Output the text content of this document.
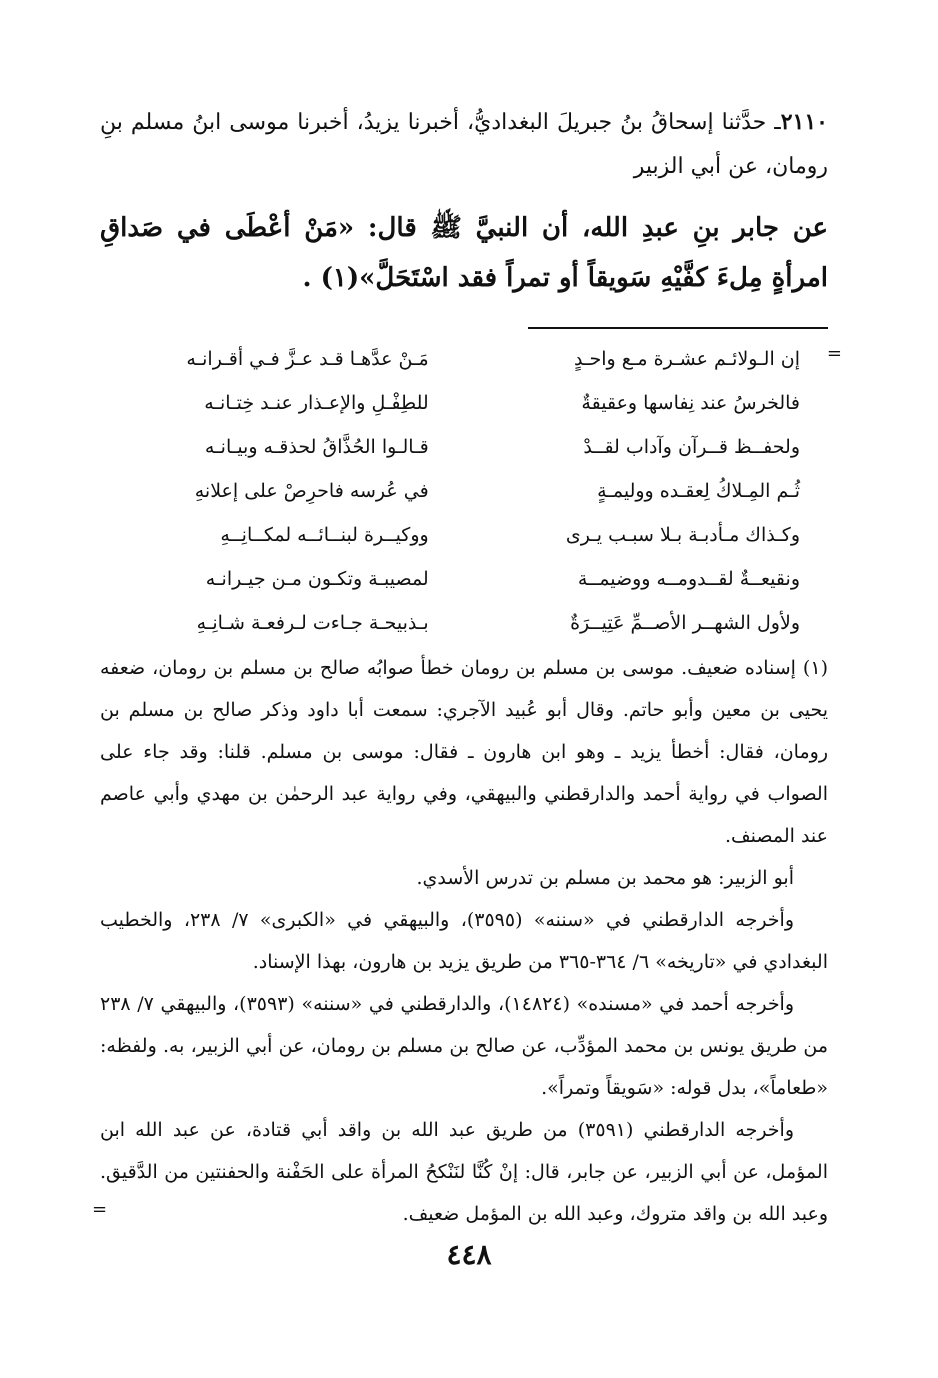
٢١١٠ـ حدَّثنا إسحاقُ بنُ جبريلَ البغداديُّ، أخبرنا يزيدُ، أخبرنا موسى ابنُ مسلم بنِ رومان، عن أبي الزبير

عن جابر بنِ عبدِ الله، أن النبيَّ ﷺ قال: «مَنْ أعْطَى في صَداقِ امرأةٍ مِلءَ كفَّيْهِ سَويقاً أو تمراً فقد اسْتَحَلَّ»(١) .

=
إن الـولائـم عشـرة مـع واحـدٍ
مَـنْ عدَّهـا قـد عـزَّ فـي أقـرانـه
فالخرسُ عند نِفاسها وعقيقةٌ
للطِفْـلِ والإعـذار عنـد خِتـانـه
ولحفــظ قــرآن وآداب لقــدْ
قـالـوا الحُذَّاقُ لحذقـه وبيـانـه
ثُـم المِـلاكُ لِعقـده ووليمـةٍ
في عُرسه فاحرِصْ على إعلانهِ
وكـذاك مـأدبـة بـلا سبـب يـرى
ووكيــرة لبنــائــه لمكــانِــهِ
ونقيعــةٌ لقــدومــه ووضيمــة
لمصيبـة وتكـون مـن جيـرانـه
ولأول الشهــر الأصــمِّ عَتِيــرَةٌ
بـذبيحـة جـاءت لـرفعـة شـانِـهِ

(١) إسناده ضعيف. موسى بن مسلم بن رومان خطأ صوابُه صالح بن مسلم بن رومان، ضعفه يحيى بن معين وأبو حاتم. وقال أبو عُبيد الآجري: سمعت أبا داود وذكر صالح بن مسلم بن رومان، فقال: أخطأ يزيد ـ وهو ابن هارون ـ فقال: موسى بن مسلم. قلنا: وقد جاء على الصواب في رواية أحمد والدارقطني والبيهقي، وفي رواية عبد الرحمٰن بن مهدي وأبي عاصم عند المصنف.

أبو الزبير: هو محمد بن مسلم بن تدرس الأسدي.

وأخرجه الدارقطني في «سننه» (٣٥٩٥)، والبيهقي في «الكبرى» ٧/ ٢٣٨، والخطيب البغدادي في «تاريخه» ٦/ ٣٦٤-٣٦٥ من طريق يزيد بن هارون، بهذا الإسناد.

وأخرجه أحمد في «مسنده» (١٤٨٢٤)، والدارقطني في «سننه» (٣٥٩٣)، والبيهقي ٧/ ٢٣٨ من طريق يونس بن محمد المؤدِّب، عن صالح بن مسلم بن رومان، عن أبي الزبير، به. ولفظه: «طعاماً»، بدل قوله: «سَويقاً وتمراً».

وأخرجه الدارقطني (٣٥٩١) من طريق عبد الله بن واقد أبي قتادة، عن عبد الله ابن المؤمل، عن أبي الزبير، عن جابر، قال: إنْ كُنَّا لنَنْكحُ المرأة على الحَفْنة والحفنتين من الدَّقيق. وعبد الله بن واقد متروك، وعبد الله بن المؤمل ضعيف.

=
٤٤٨
